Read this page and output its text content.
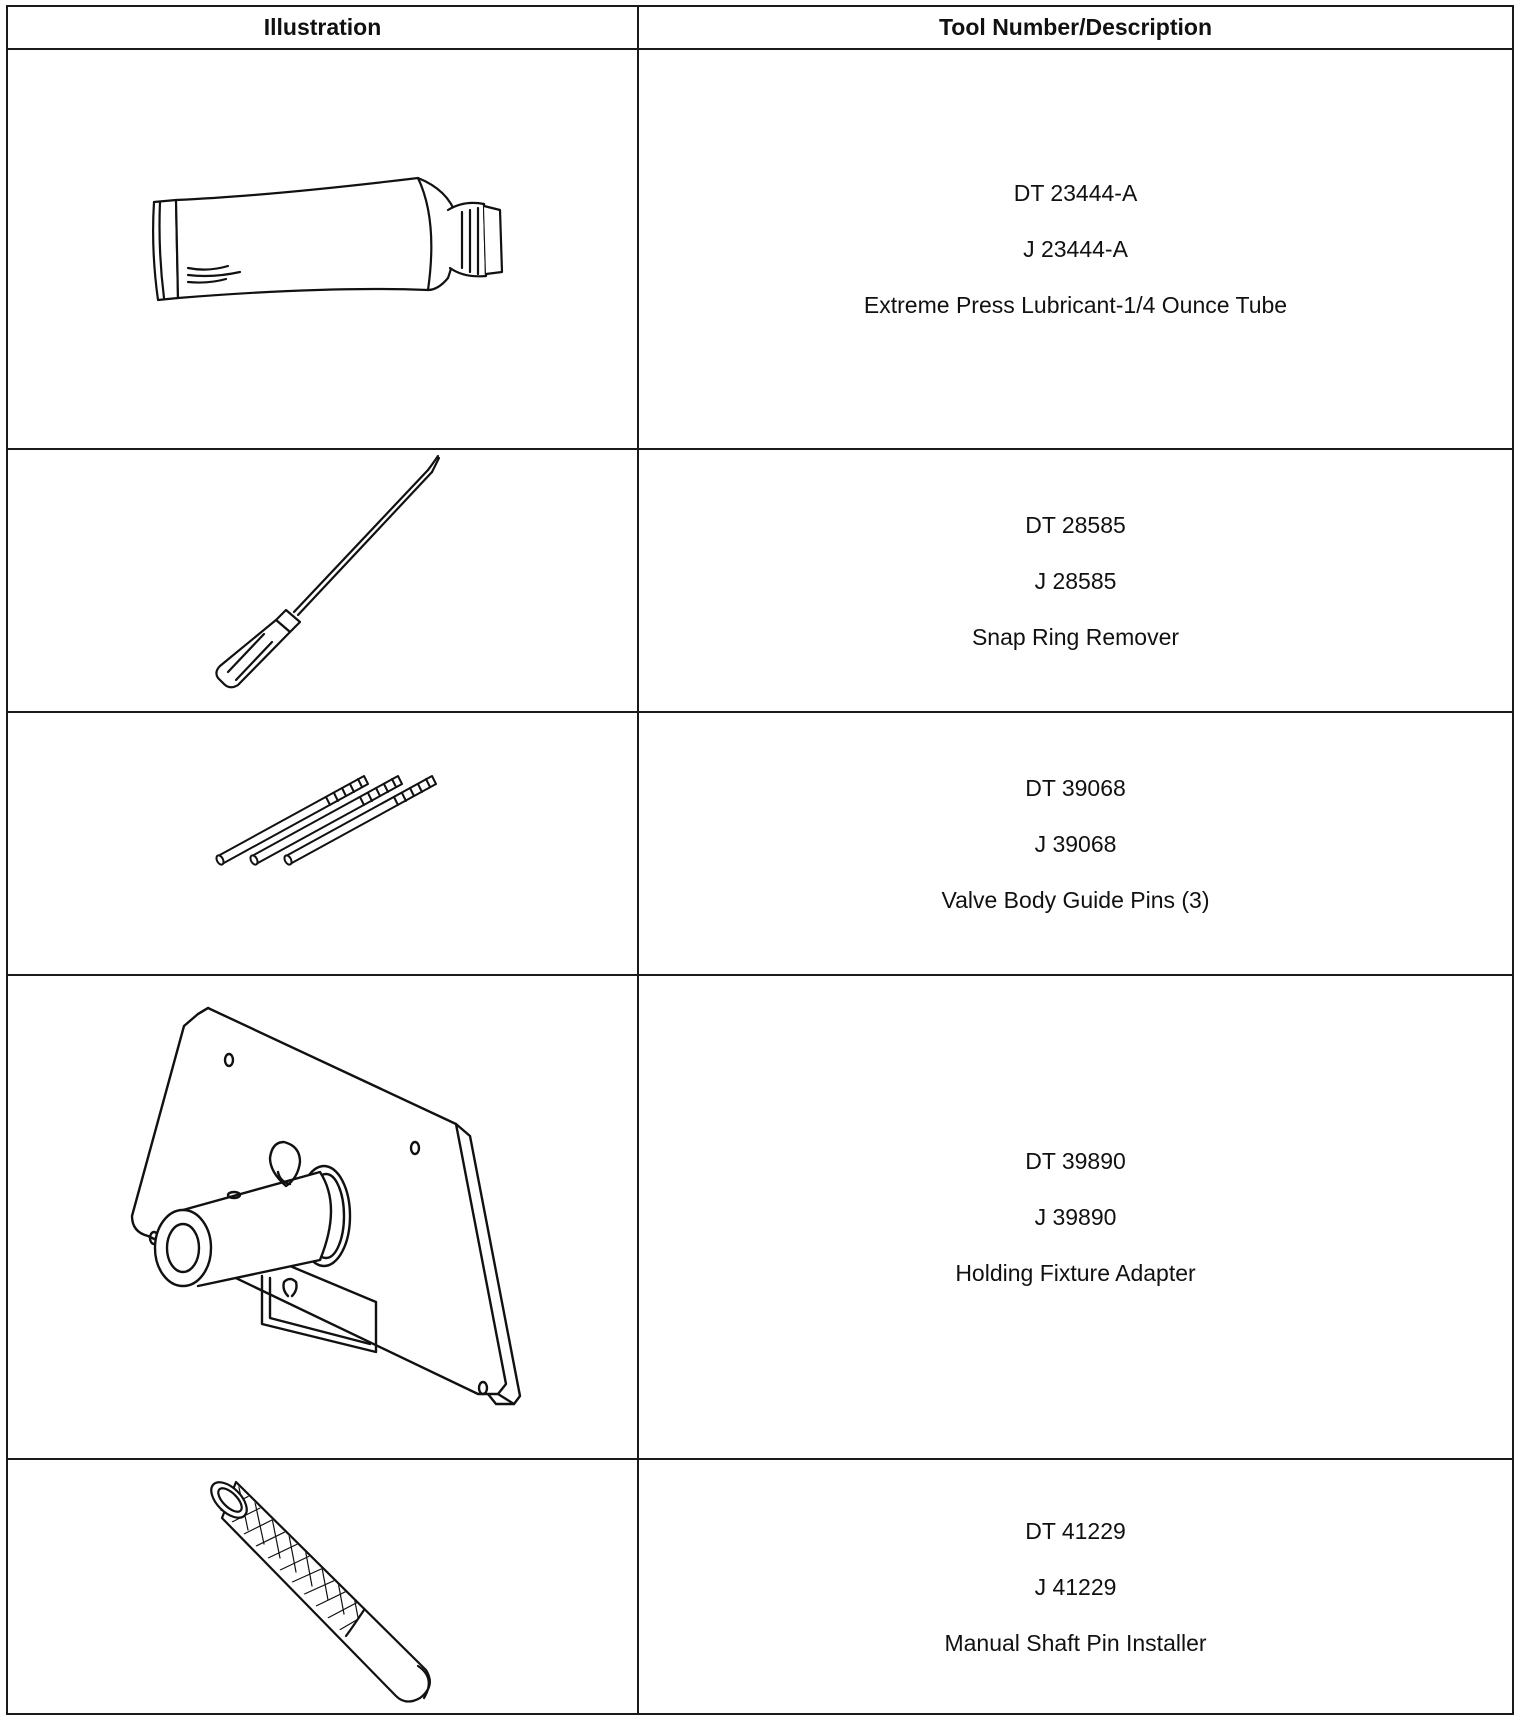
Illustration	Tool Number/Description
DT 23444-A
J 23444-A
Extreme Press Lubricant-1/4 Ounce Tube
DT 28585
J 28585
Snap Ring Remover
DT 39068
J 39068
Valve Body Guide Pins (3)
DT 39890
J 39890
Holding Fixture Adapter
DT 41229
J 41229
Manual Shaft Pin Installer
